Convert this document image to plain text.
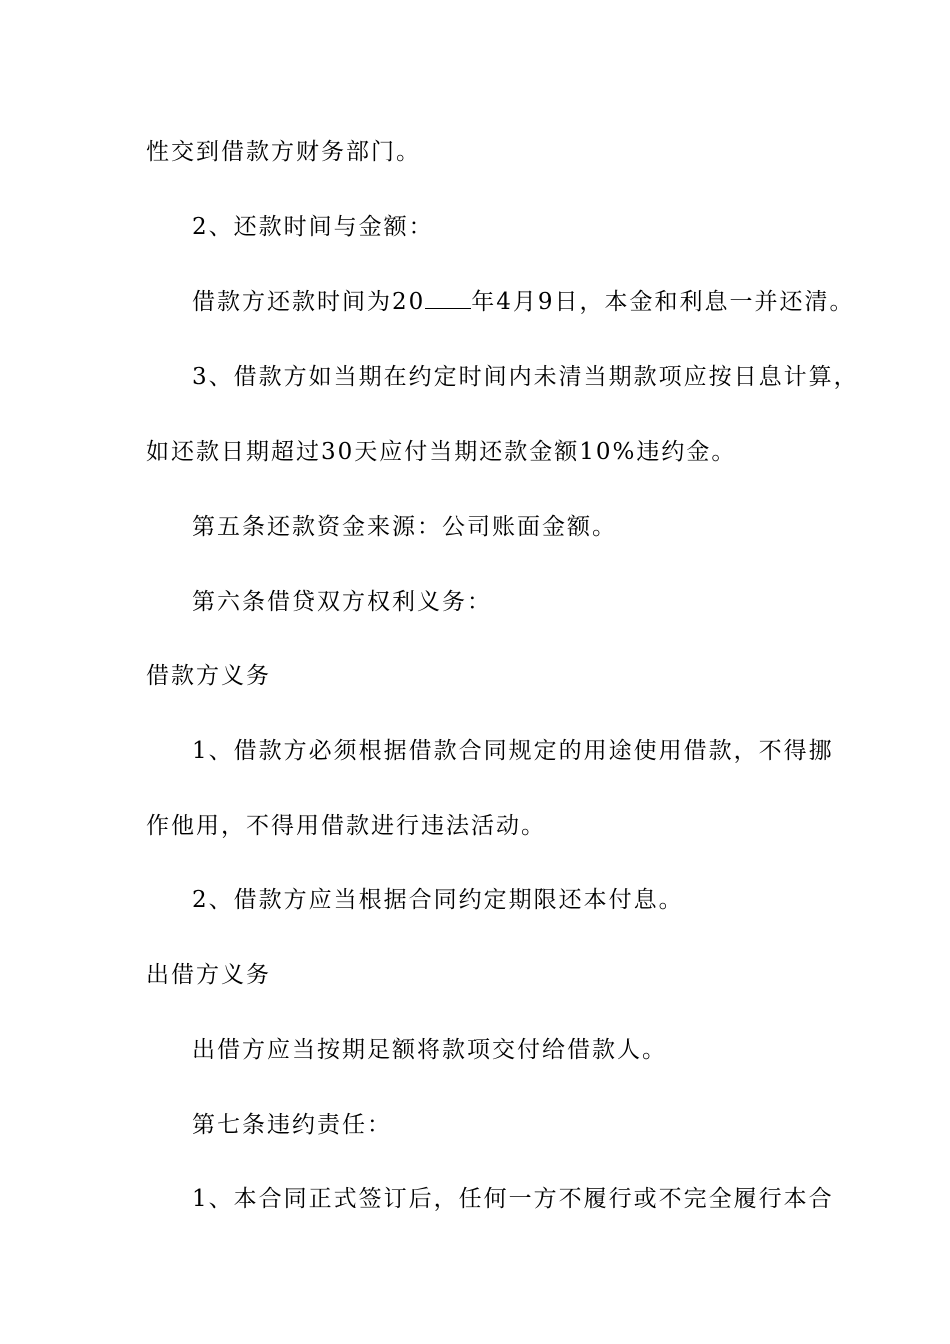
性交到借款方财务部门。
2、还款时间与金额：
借款方还款时间为20 年4月9日，本金和利息一并还清。
3、借款方如当期在约定时间内未清当期款项应按日息计算，
如还款日期超过30天应付当期还款金额10%违约金。
第五条还款资金来源：公司账面金额。
第六条借贷双方权利义务：
借款方义务
1、借款方必须根据借款合同规定的用途使用借款，不得挪
作他用，不得用借款进行违法活动。
2、借款方应当根据合同约定期限还本付息。
出借方义务
出借方应当按期足额将款项交付给借款人。
第七条违约责任：
1、本合同正式签订后，任何一方不履行或不完全履行本合
